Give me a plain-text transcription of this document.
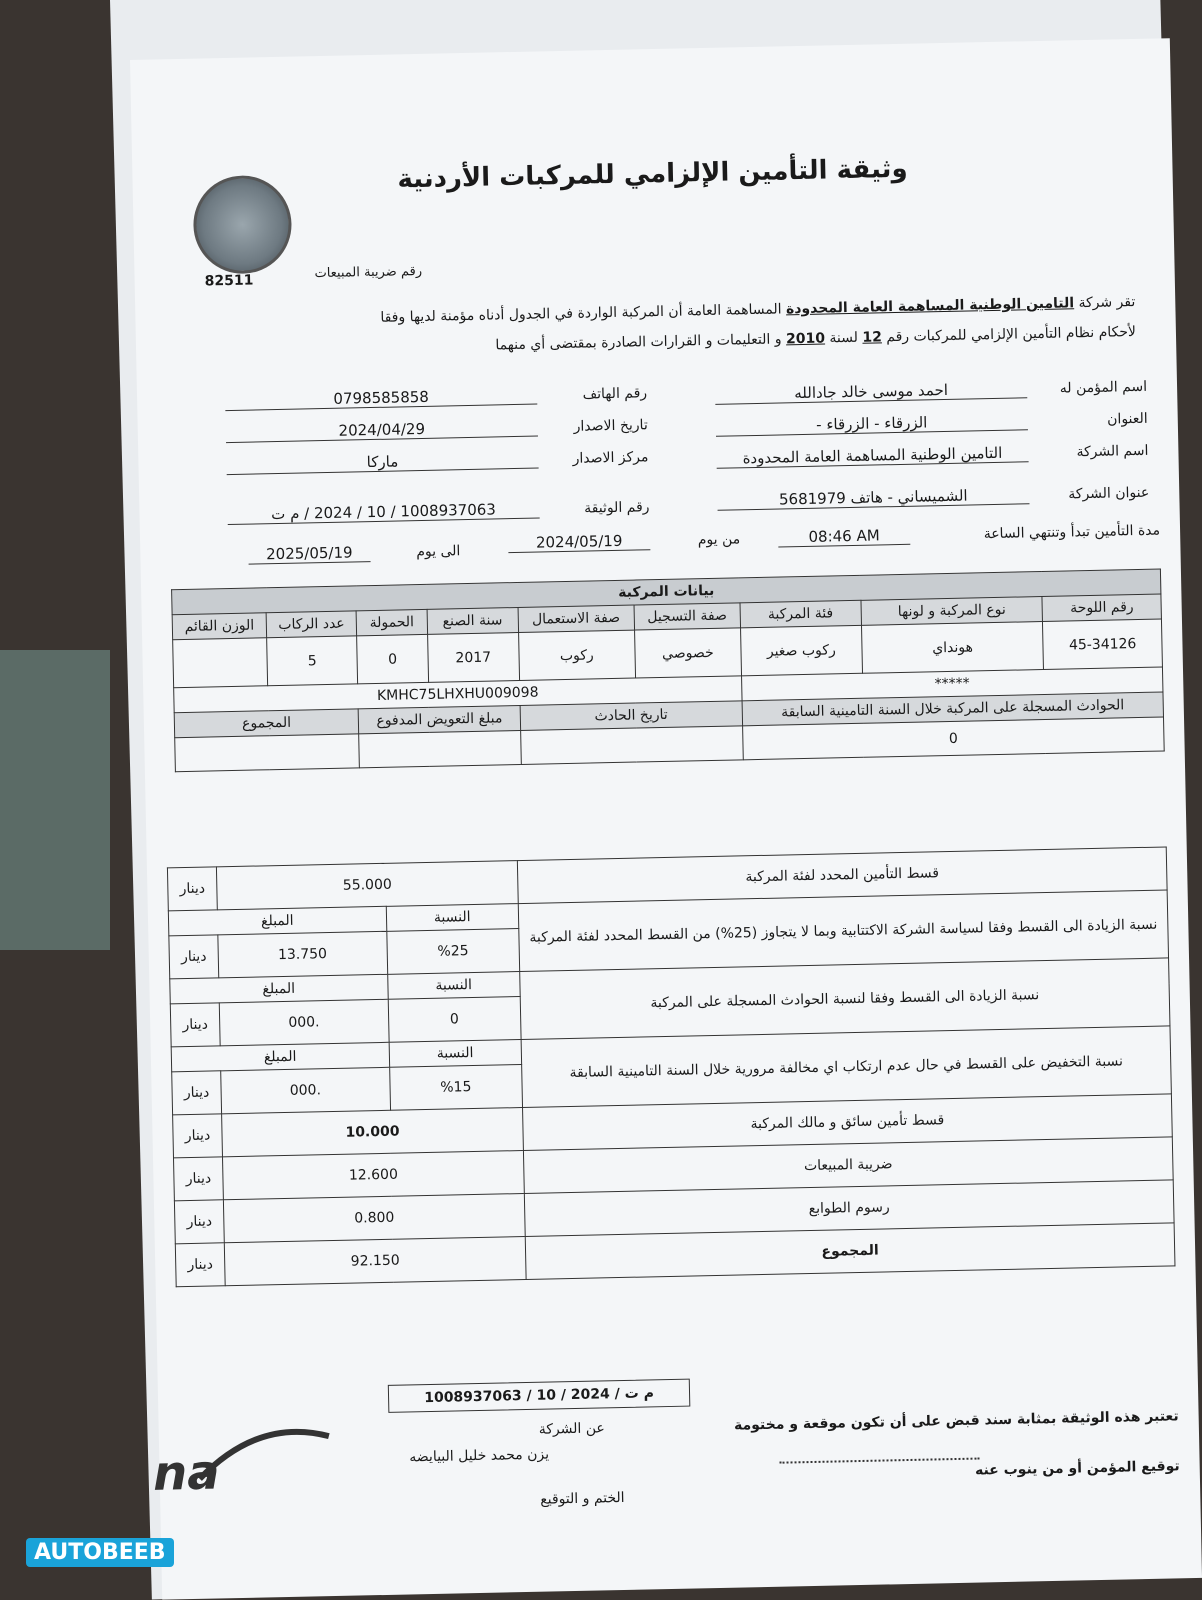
وثيقة التأمين الإلزامي للمركبات الأردنية
رقم ضريبة المبيعات
82511
تقر شركة التامين الوطنية المساهمة العامة المحدودة المساهمة العامة أن المركبة الواردة في الجدول أدناه مؤمنة لديها وفقا
لأحكام نظام التأمين الإلزامي للمركبات رقم 12 لسنة 2010 و التعليمات و القرارات الصادرة بمقتضى أي منهما
اسم المؤمن له
احمد موسى خالد جادالله
العنوان
الزرقاء - الزرقاء -
اسم الشركة
التامين الوطنية المساهمة العامة المحدودة
عنوان الشركة
الشميساني - هاتف 5681979
رقم الهاتف
0798585858
تاريخ الاصدار
2024/04/29
مركز الاصدار
ماركا
رقم الوثيقة
1008937063 / 10 / 2024 / م ت
مدة التأمين تبدأ وتنتهي الساعة
08:46 AM
من يوم
2024/05/19
الى يوم
2025/05/19
بيانات المركبة								
رقم اللوحة	نوع المركبة و لونها	فئة المركبة	صفة التسجيل	صفة الاستعمال	سنة الصنع	الحمولة	عدد الركاب	الوزن القائم
45-34126	هونداي	ركوب صغير	خصوصي	ركوب	2017	0	5	
*****			KMHC75LHXHU009098					
الحوادث المسجلة على المركبة خلال السنة التامينية السابقة			تاريخ الحادث		مبلغ التعويض المدفوع		المجموع	
0								
قسط التأمين المحدد لفئة المركبة	55.000		دينار
نسبة الزيادة الى القسط وفقا لسياسة الشركة الاكتتابية وبما لا يتجاوز (25%) من القسط المحدد لفئة المركبة	النسبة	المبلغ	
	%25	13.750	دينار
نسبة الزيادة الى القسط وفقا لنسبة الحوادث المسجلة على المركبة	النسبة	المبلغ	
	0	.000	دينار
نسبة التخفيض على القسط في حال عدم ارتكاب اي مخالفة مرورية خلال السنة التامينية السابقة	النسبة	المبلغ	
	%15	.000	دينار
قسط تأمين سائق و مالك المركبة	10.000		دينار
ضريبة المبيعات	12.600		دينار
رسوم الطوابع	0.800		دينار
المجموع	92.150		دينار
تعتبر هذه الوثيقة بمثابة سند قبض على أن تكون موقعة و مختومة
توقيع المؤمن أو من ينوب عنه
1008937063 / 10 / 2024 / م ت
عن الشركة
يزن محمد خليل البيايضه
الختم و التوقيع
na
AUTOBEEB
